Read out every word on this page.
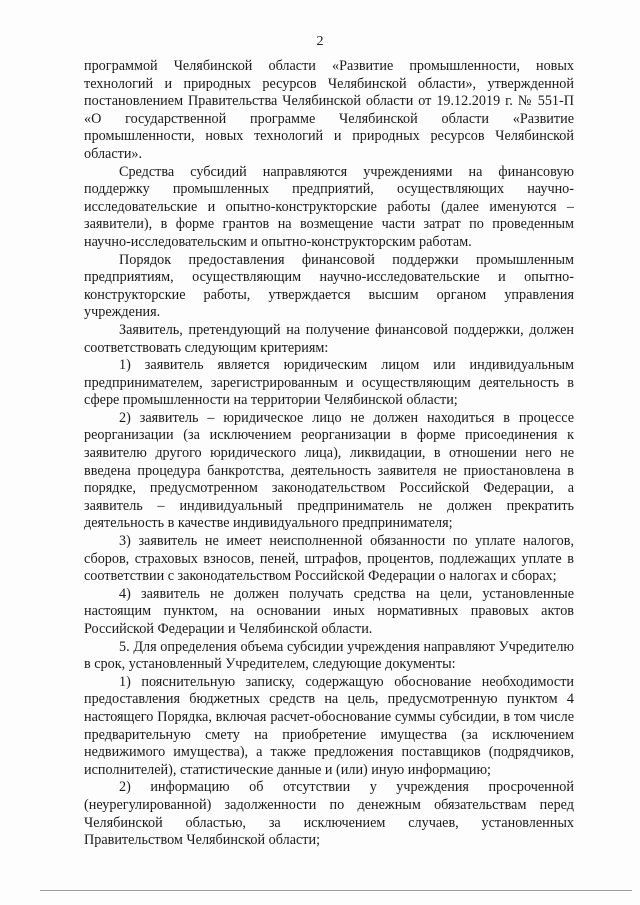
2

программой Челябинской области «Развитие промышленности, новых технологий и природных ресурсов Челябинской области», утвержденной постановлением Правительства Челябинской области от 19.12.2019 г. № 551-П «О государственной программе Челябинской области «Развитие промышленности, новых технологий и природных ресурсов Челябинской области».

Средства субсидий направляются учреждениями на финансовую поддержку промышленных предприятий, осуществляющих научно-исследовательские и опытно-конструкторские работы (далее именуются – заявители), в форме грантов на возмещение части затрат по проведенным научно-исследовательским и опытно-конструкторским работам.

Порядок предоставления финансовой поддержки промышленным предприятиям, осуществляющим научно-исследовательские и опытно-конструкторские работы, утверждается высшим органом управления учреждения.

Заявитель, претендующий на получение финансовой поддержки, должен соответствовать следующим критериям:

1) заявитель является юридическим лицом или индивидуальным предпринимателем, зарегистрированным и осуществляющим деятельность в сфере промышленности на территории Челябинской области;

2) заявитель – юридическое лицо не должен находиться в процессе реорганизации (за исключением реорганизации в форме присоединения к заявителю другого юридического лица), ликвидации, в отношении него не введена процедура банкротства, деятельность заявителя не приостановлена в порядке, предусмотренном законодательством Российской Федерации, а заявитель – индивидуальный предприниматель не должен прекратить деятельность в качестве индивидуального предпринимателя;

3) заявитель не имеет неисполненной обязанности по уплате налогов, сборов, страховых взносов, пеней, штрафов, процентов, подлежащих уплате в соответствии с законодательством Российской Федерации о налогах и сборах;

4) заявитель не должен получать средства на цели, установленные настоящим пунктом, на основании иных нормативных правовых актов Российской Федерации и Челябинской области.

5. Для определения объема субсидии учреждения направляют Учредителю в срок, установленный Учредителем, следующие документы:

1) пояснительную записку, содержащую обоснование необходимости предоставления бюджетных средств на цель, предусмотренную пунктом 4 настоящего Порядка, включая расчет-обоснование суммы субсидии, в том числе предварительную смету на приобретение имущества (за исключением недвижимого имущества), а также предложения поставщиков (подрядчиков, исполнителей), статистические данные и (или) иную информацию;

2) информацию об отсутствии у учреждения просроченной (неурегулированной) задолженности по денежным обязательствам перед Челябинской областью, за исключением случаев, установленных Правительством Челябинской области;
